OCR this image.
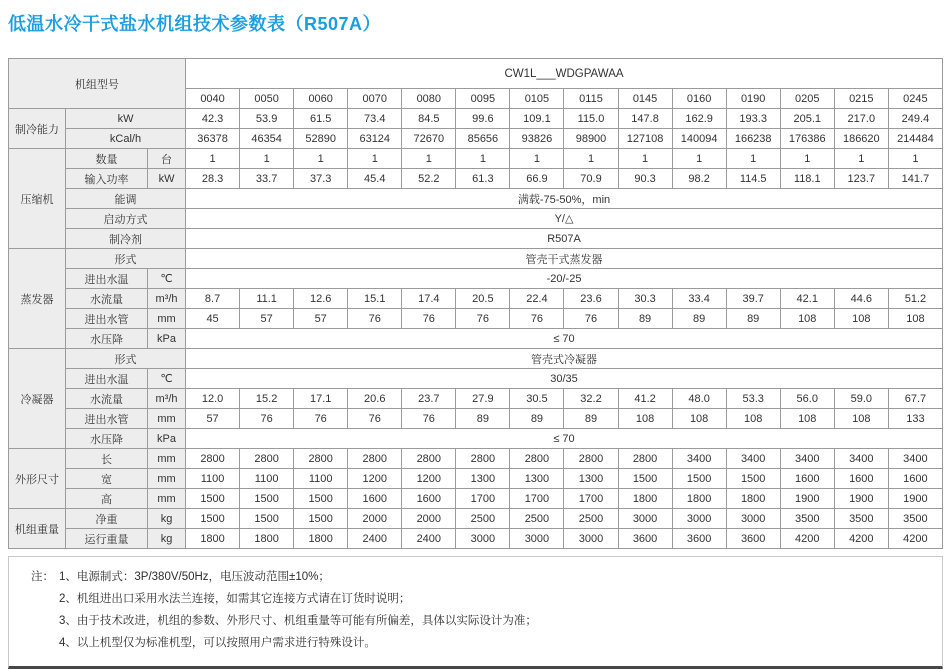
低温水冷干式盐水机组技术参数表（R507A）
机组型号			CW1L___WDGPAWAA													
			0040	0050	0060	0070	0080	0095	0105	0115	0145	0160	0190	0205	0215	0245
制冷能力	kW		42.3	53.9	61.5	73.4	84.5	99.6	109.1	115.0	147.8	162.9	193.3	205.1	217.0	249.4
	kCal/h		36378	46354	52890	63124	72670	85656	93826	98900	127108	140094	166238	176386	186620	214484
压缩机	数量	台	1	1	1	1	1	1	1	1	1	1	1	1	1	1
	输入功率	kW	28.3	33.7	37.3	45.4	52.2	61.3	66.9	70.9	90.3	98.2	114.5	118.1	123.7	141.7
	能调		满载-75-50%，min													
	启动方式		Y/△													
	制冷剂		R507A													
蒸发器	形式		管壳干式蒸发器													
	进出水温	℃	-20/-25													
	水流量	m³/h	8.7	11.1	12.6	15.1	17.4	20.5	22.4	23.6	30.3	33.4	39.7	42.1	44.6	51.2
	进出水管	mm	45	57	57	76	76	76	76	76	89	89	89	108	108	108
	水压降	kPa	≤ 70													
冷凝器	形式		管壳式冷凝器													
	进出水温	℃	30/35													
	水流量	m³/h	12.0	15.2	17.1	20.6	23.7	27.9	30.5	32.2	41.2	48.0	53.3	56.0	59.0	67.7
	进出水管	mm	57	76	76	76	76	89	89	89	108	108	108	108	108	133
	水压降	kPa	≤ 70													
外形尺寸	长	mm	2800	2800	2800	2800	2800	2800	2800	2800	2800	3400	3400	3400	3400	3400
	宽	mm	1100	1100	1100	1200	1200	1300	1300	1300	1500	1500	1500	1600	1600	1600
	高	mm	1500	1500	1500	1600	1600	1700	1700	1700	1800	1800	1800	1900	1900	1900
机组重量	净重	kg	1500	1500	1500	2000	2000	2500	2500	2500	3000	3000	3000	3500	3500	3500
	运行重量	kg	1800	1800	1800	2400	2400	3000	3000	3000	3600	3600	3600	4200	4200	4200
注： 1、电源制式：3P/380V/50Hz，电压波动范围±10%；
2、机组进出口采用水法兰连接，如需其它连接方式请在订货时说明；
3、由于技术改进，机组的参数、外形尺寸、机组重量等可能有所偏差，具体以实际设计为准；
4、以上机型仅为标准机型，可以按照用户需求进行特殊设计。
